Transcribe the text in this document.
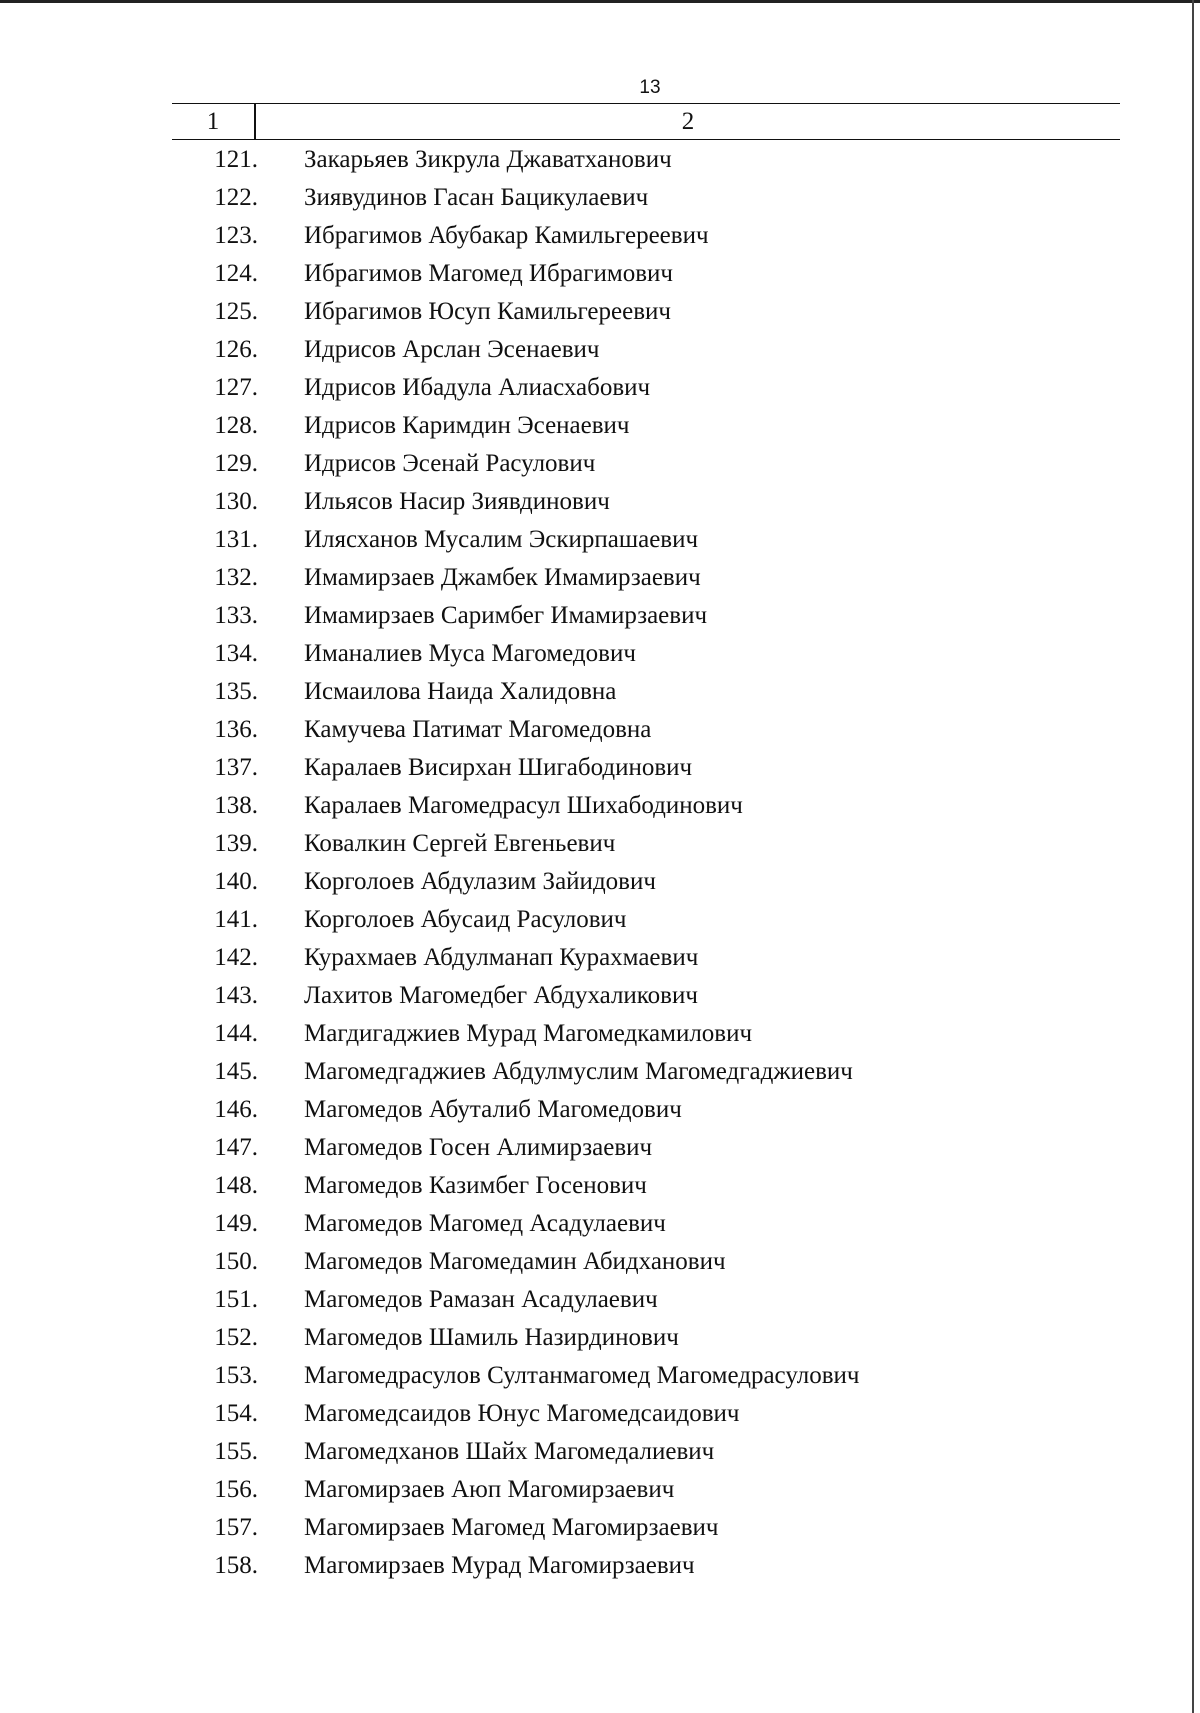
13
1	2
121. Закарьяев Зикрула Джаватханович
122. Зиявудинов Гасан Бацикулаевич
123. Ибрагимов Абубакар Камильгереевич
124. Ибрагимов Магомед Ибрагимович
125. Ибрагимов Юсуп Камильгереевич
126. Идрисов Арслан Эсенаевич
127. Идрисов Ибадула Алиасхабович
128. Идрисов Каримдин Эсенаевич
129. Идрисов Эсенай Расулович
130. Ильясов Насир Зиявдинович
131. Илясханов Мусалим Эскирпашаевич
132. Имамирзаев Джамбек Имамирзаевич
133. Имамирзаев Саримбег Имамирзаевич
134. Иманалиев Муса Магомедович
135. Исмаилова Наида Халидовна
136. Камучева Патимат Магомедовна
137. Каралаев Висирхан Шигабодинович
138. Каралаев Магомедрасул Шихабодинович
139. Ковалкин Сергей Евгеньевич
140. Корголоев Абдулазим Зайидович
141. Корголоев Абусаид Расулович
142. Курахмаев Абдулманап Курахмаевич
143. Лахитов Магомедбег Абдухаликович
144. Магдигаджиев Мурад Магомедкамилович
145. Магомедгаджиев Абдулмуслим Магомедгаджиевич
146. Магомедов Абуталиб Магомедович
147. Магомедов Госен Алимирзаевич
148. Магомедов Казимбег Госенович
149. Магомедов Магомед Асадулаевич
150. Магомедов Магомедамин Абидханович
151. Магомедов Рамазан Асадулаевич
152. Магомедов Шамиль Назирдинович
153. Магомедрасулов Султанмагомед Магомедрасулович
154. Магомедсаидов Юнус Магомедсаидович
155. Магомедханов Шайх Магомедалиевич
156. Магомирзаев Аюп Магомирзаевич
157. Магомирзаев Магомед Магомирзаевич
158. Магомирзаев Мурад Магомирзаевич
